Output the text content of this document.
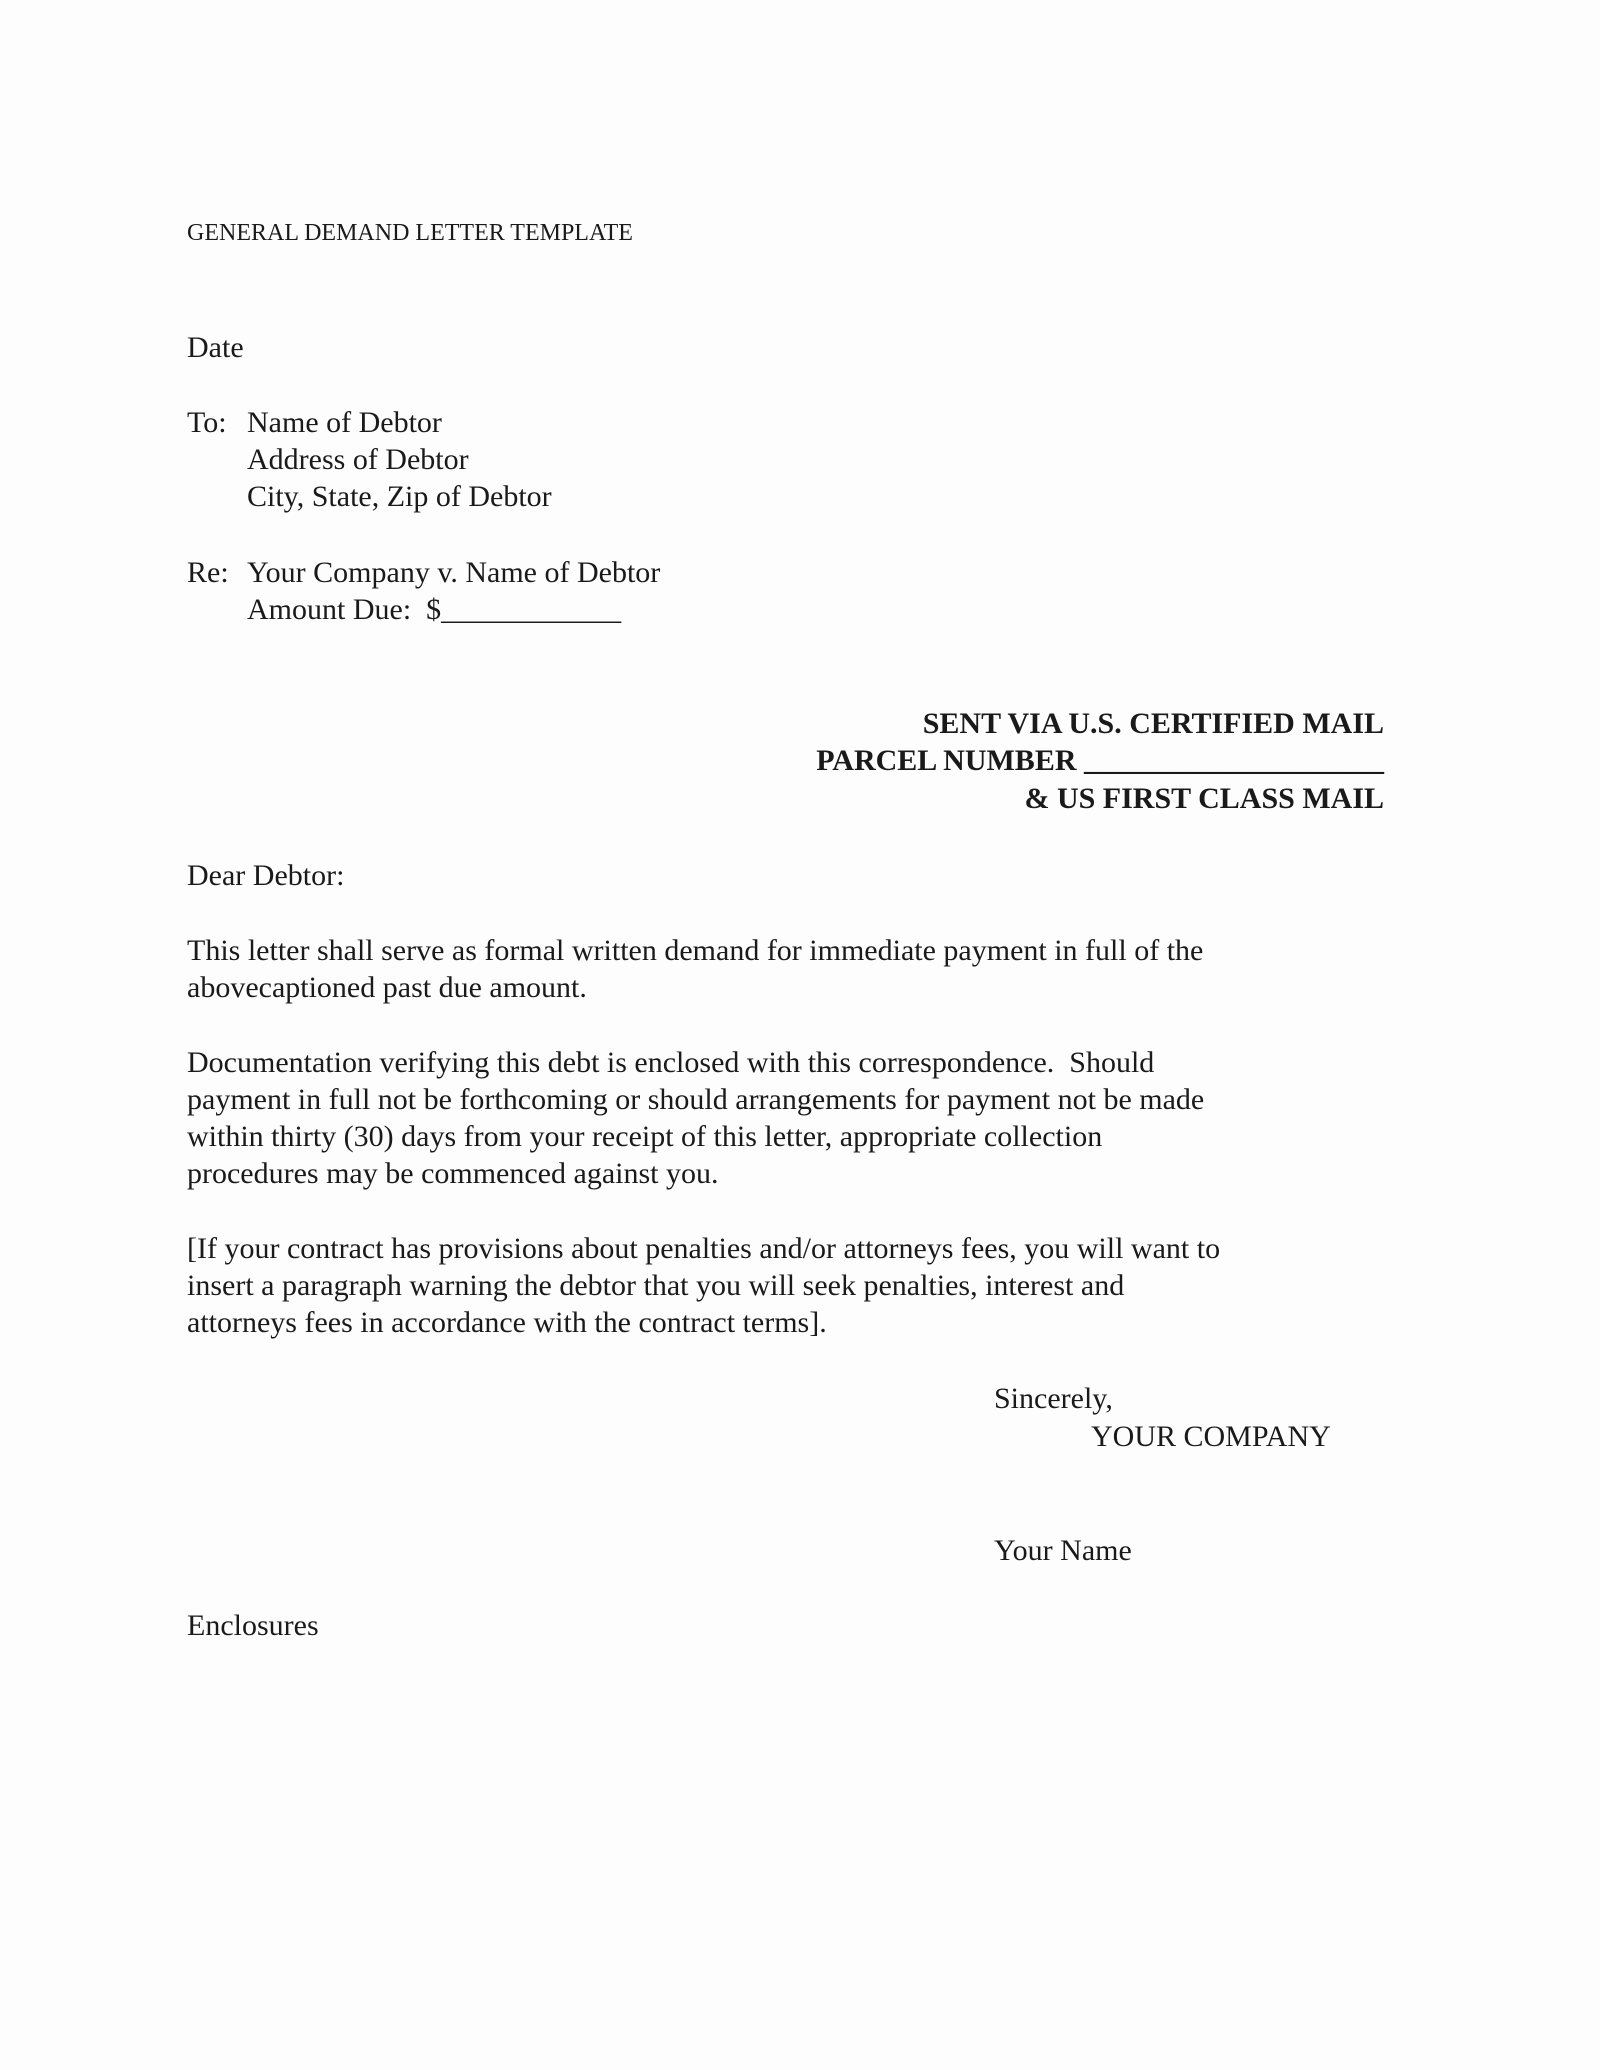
GENERAL DEMAND LETTER TEMPLATE
Date
To: Name of Debtor
Address of Debtor
City, State, Zip of Debtor
Re: Your Company v. Name of Debtor
Amount Due:  $____________
SENT VIA U.S. CERTIFIED MAIL
PARCEL NUMBER ____________________
& US FIRST CLASS MAIL
Dear Debtor:
This letter shall serve as formal written demand for immediate payment in full of the
abovecaptioned past due amount.
Documentation verifying this debt is enclosed with this correspondence.  Should
payment in full not be forthcoming or should arrangements for payment not be made
within thirty (30) days from your receipt of this letter, appropriate collection
procedures may be commenced against you.
[If your contract has provisions about penalties and/or attorneys fees, you will want to
insert a paragraph warning the debtor that you will seek penalties, interest and
attorneys fees in accordance with the contract terms].
Sincerely,
YOUR COMPANY
Your Name
Enclosures
